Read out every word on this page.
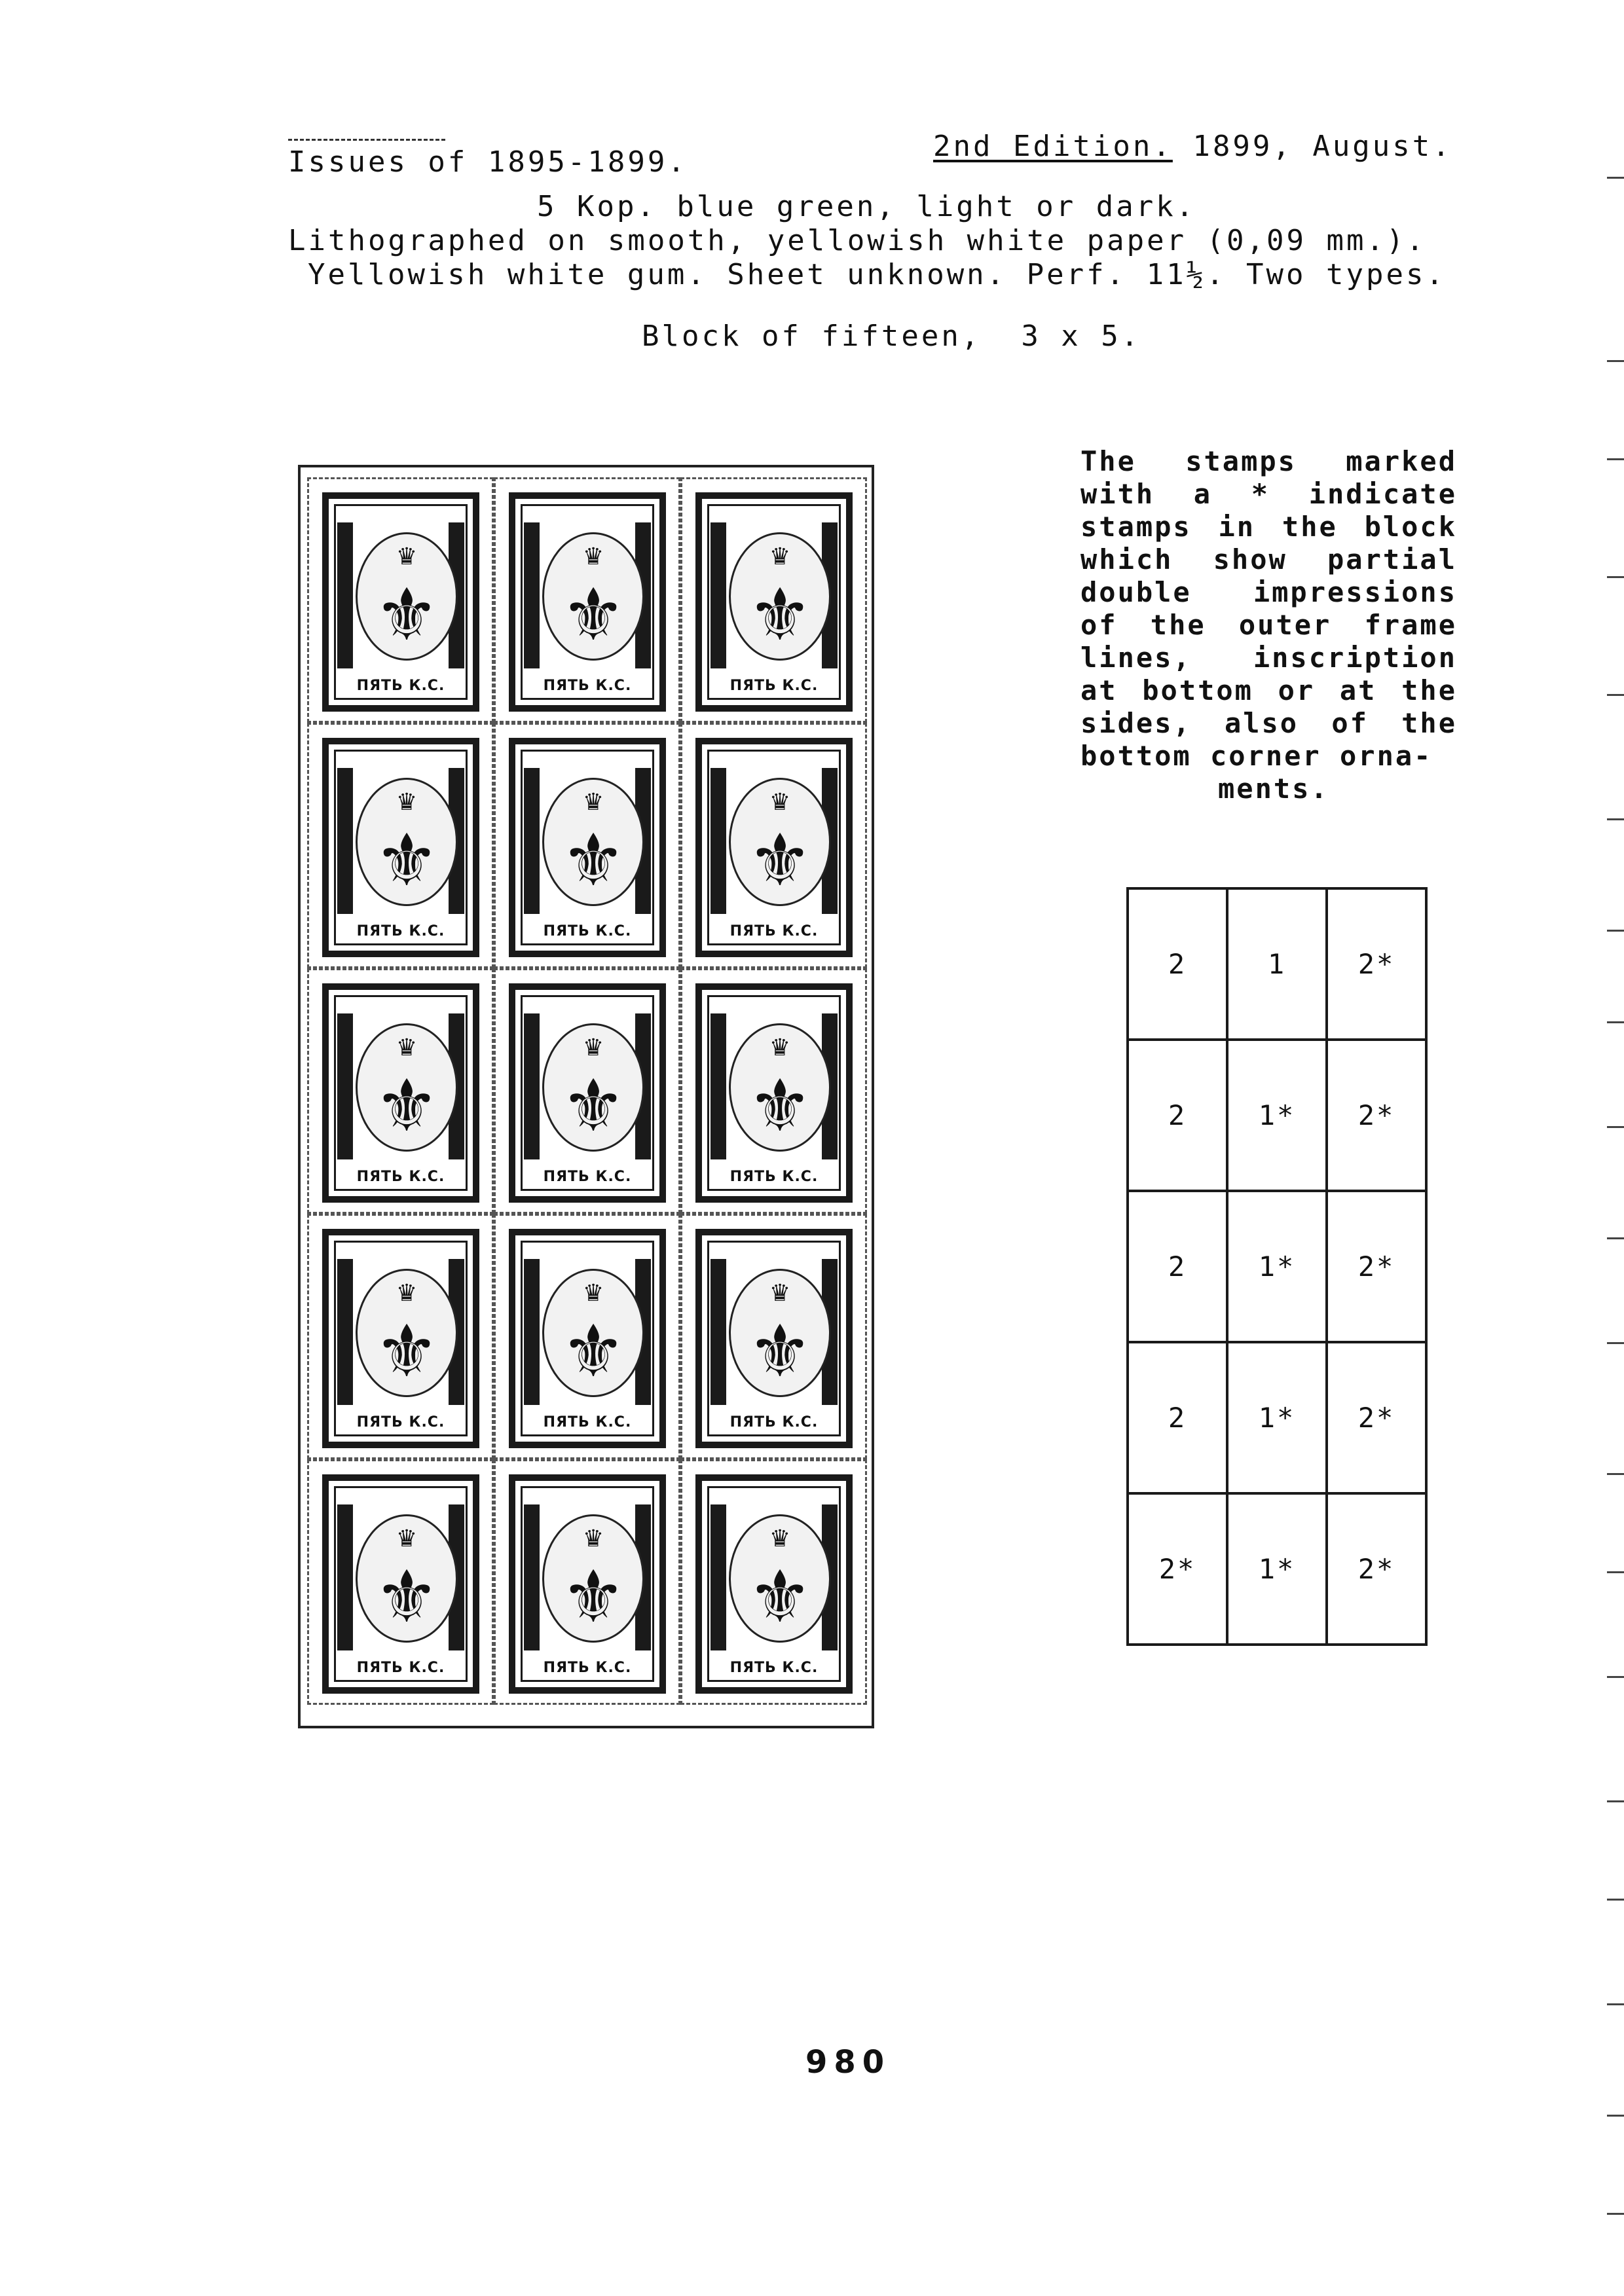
Issues of 1895-1899.	2nd Edition. 1899, August.
5 Kop. blue green, light or dark.
Lithographed on smooth, yellowish white paper (0,09 mm.).
Yellowish white gum. Sheet unknown. Perf. 11½. Two types.
Block of fifteen,  3 x 5.
♛
⚜
ПЯТЬ К.С.
♛
⚜
ПЯТЬ К.С.
♛
⚜
ПЯТЬ К.С.
♛
⚜
ПЯТЬ К.С.
♛
⚜
ПЯТЬ К.С.
♛
⚜
ПЯТЬ К.С.
♛
⚜
ПЯТЬ К.С.
♛
⚜
ПЯТЬ К.С.
♛
⚜
ПЯТЬ К.С.
♛
⚜
ПЯТЬ К.С.
♛
⚜
ПЯТЬ К.С.
♛
⚜
ПЯТЬ К.С.
♛
⚜
ПЯТЬ К.С.
♛
⚜
ПЯТЬ К.С.
♛
⚜
ПЯТЬ К.С.
The stamps marked with a * indicate stamps in the block which show partial double impressions of the outer frame lines, inscription at bottom or at the sides, also of the bottom corner orna-
ments.
2	1	2*
2	1*	2*
2	1*	2*
2	1*	2*
2*	1*	2*
980
